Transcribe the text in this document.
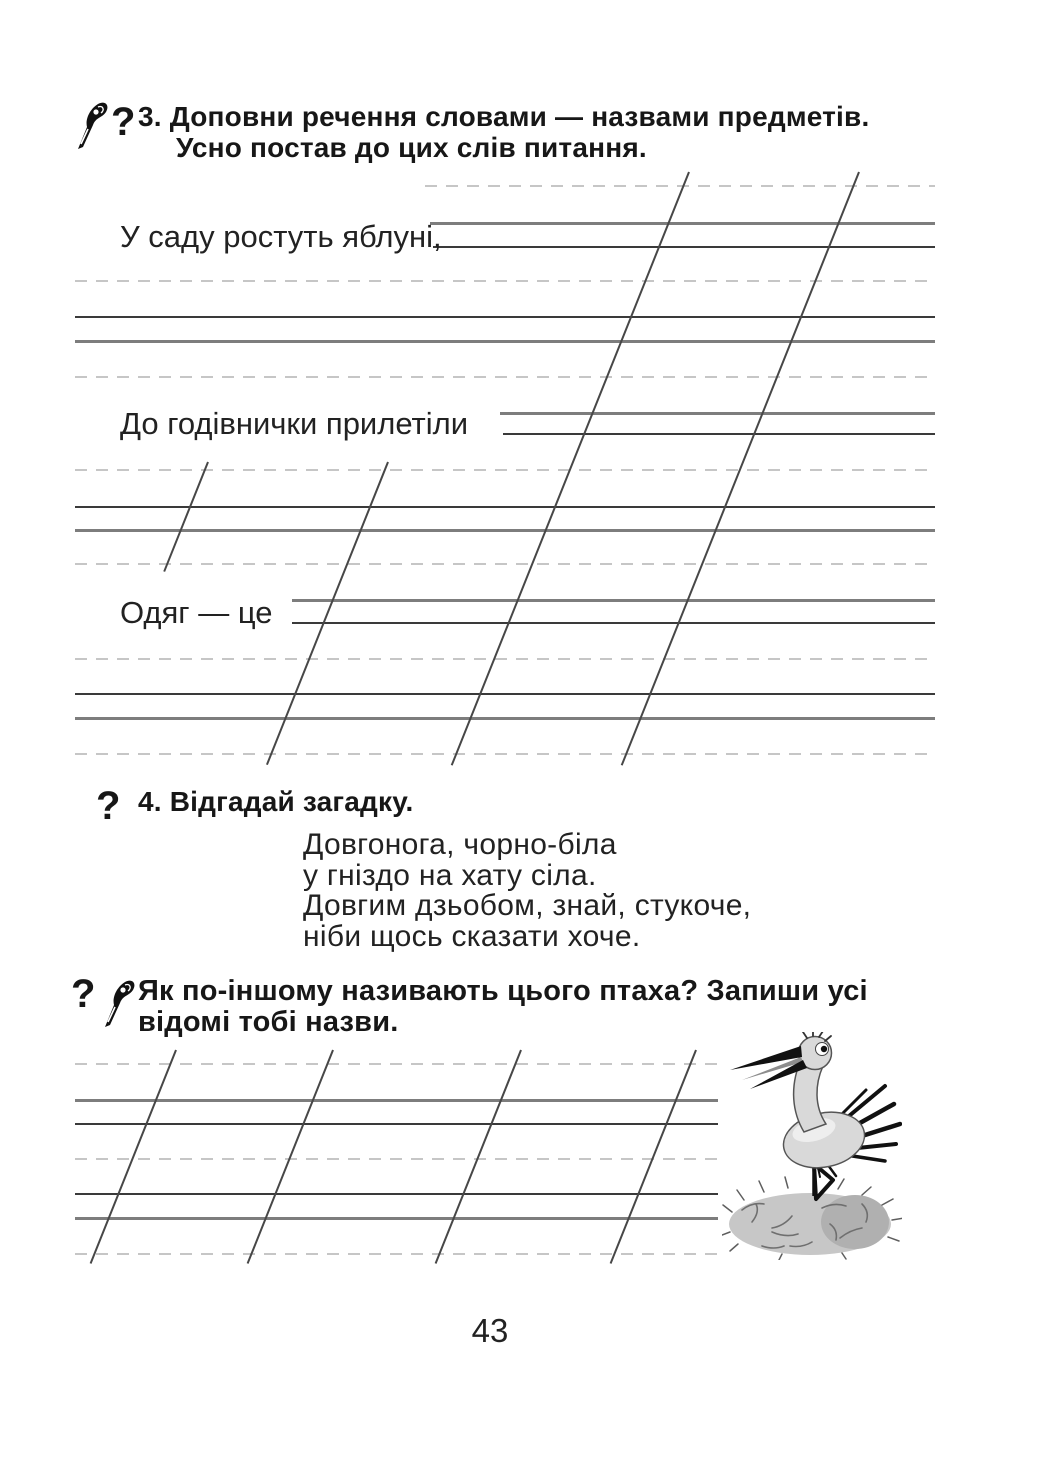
? 3. Доповни речення словами — назвами предметів.
Усно постав до цих слів питання.
У саду ростуть яблуні,
До годівнички прилетіли
Одяг — це
? 4. Відгадай загадку.
Довгонога, чорно-біла
у гніздо на хату сіла.
Довгим дзьобом, знай, стукоче,
ніби щось сказати хоче.
? Як по-іншому називають цього птаха? Запиши усі
відомі тобі назви.
43
